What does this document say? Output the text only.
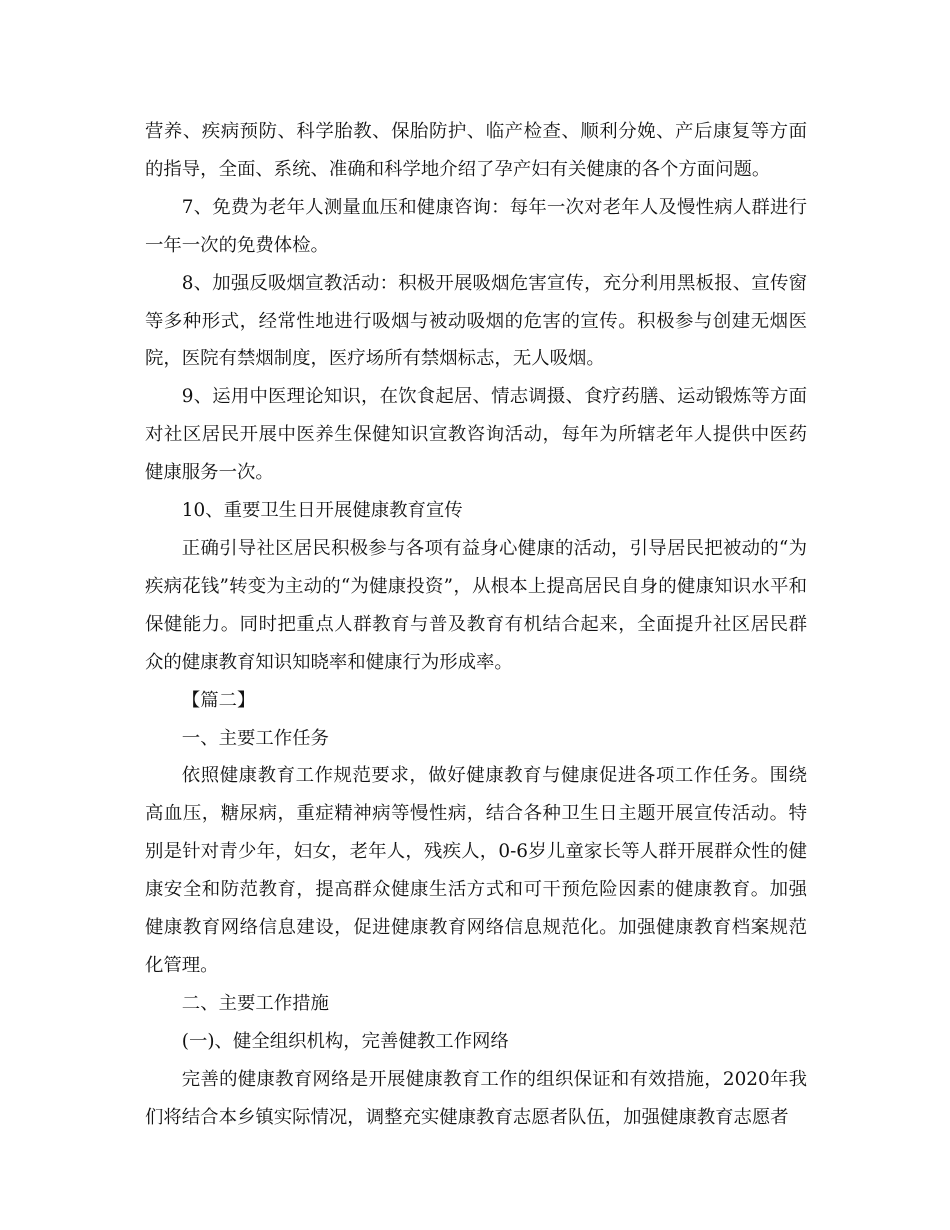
营养、疾病预防、科学胎教、保胎防护、临产检查、顺利分娩、产后康复等方面的指导，全面、系统、准确和科学地介绍了孕产妇有关健康的各个方面问题。

7、免费为老年人测量血压和健康咨询：每年一次对老年人及慢性病人群进行一年一次的免费体检。

8、加强反吸烟宣教活动：积极开展吸烟危害宣传，充分利用黑板报、宣传窗等多种形式，经常性地进行吸烟与被动吸烟的危害的宣传。积极参与创建无烟医院，医院有禁烟制度，医疗场所有禁烟标志，无人吸烟。

9、运用中医理论知识，在饮食起居、情志调摄、食疗药膳、运动锻炼等方面对社区居民开展中医养生保健知识宣教咨询活动，每年为所辖老年人提供中医药健康服务一次。

10、重要卫生日开展健康教育宣传

正确引导社区居民积极参与各项有益身心健康的活动，引导居民把被动的“为疾病花钱”转变为主动的“为健康投资”，从根本上提高居民自身的健康知识水平和保健能力。同时把重点人群教育与普及教育有机结合起来，全面提升社区居民群众的健康教育知识知晓率和健康行为形成率。

【篇二】

一、主要工作任务

依照健康教育工作规范要求，做好健康教育与健康促进各项工作任务。围绕高血压，糖尿病，重症精神病等慢性病，结合各种卫生日主题开展宣传活动。特别是针对青少年，妇女，老年人，残疾人，0-6岁儿童家长等人群开展群众性的健康安全和防范教育，提高群众健康生活方式和可干预危险因素的健康教育。加强健康教育网络信息建设，促进健康教育网络信息规范化。加强健康教育档案规范化管理。

二、主要工作措施

(一)、健全组织机构，完善健教工作网络

完善的健康教育网络是开展健康教育工作的组织保证和有效措施，2020年我们将结合本乡镇实际情况，调整充实健康教育志愿者队伍，加强健康教育志愿者
